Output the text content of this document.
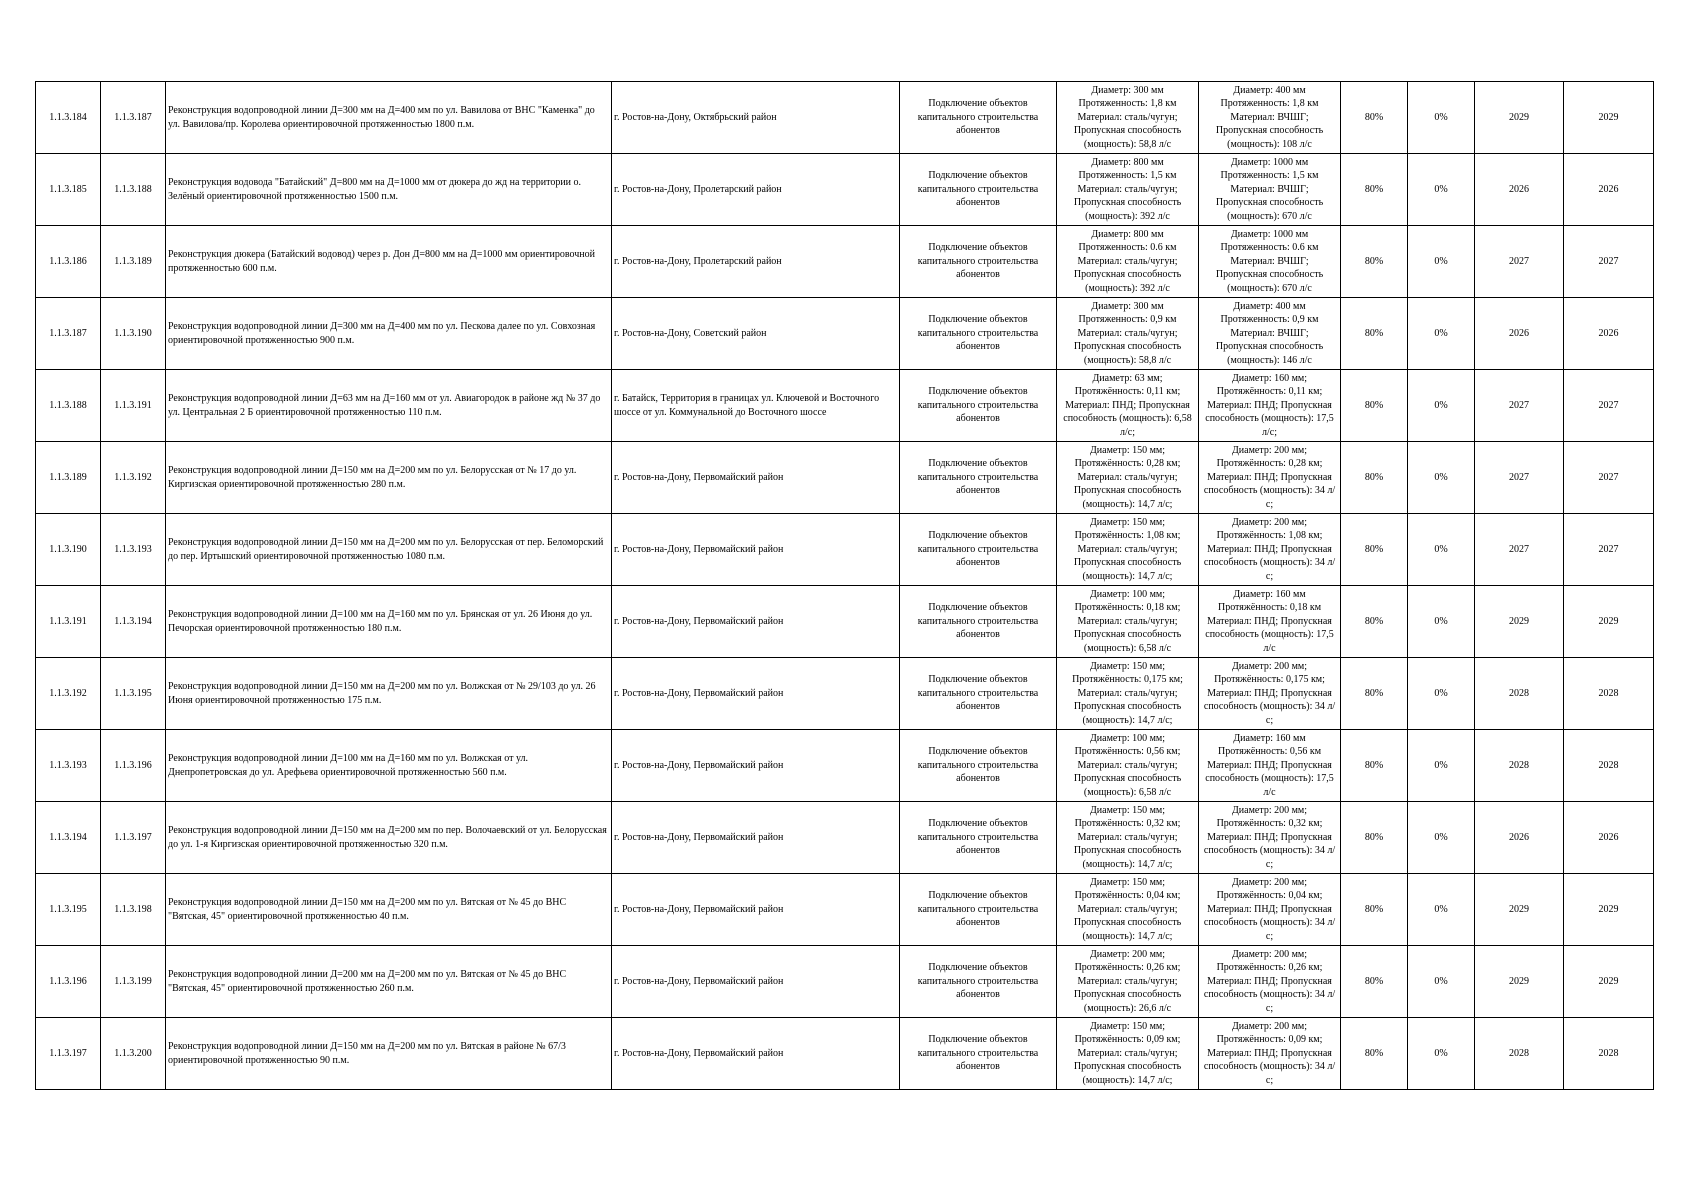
1.1.3.184	1.1.3.187	Реконструкция водопроводной линии Д=300 мм на Д=400 мм по ул. Вавилова от ВНС "Каменка" до ул. Вавилова/пр. Королева ориентировочной протяженностью 1800 п.м.	г. Ростов-на-Дону, Октябрьский район	Подключение объектов капитального строительства абонентов	Диаметр: 300 мм
Протяженность: 1,8 км
Материал: сталь/чугун;
Пропускная способность (мощность): 58,8 л/с	Диаметр: 400 мм
Протяженность: 1,8 км
Материал: ВЧШГ;
Пропускная способность (мощность): 108 л/с	80%	0%	2029	2029
1.1.3.185	1.1.3.188	Реконструкция водовода "Батайский" Д=800 мм на Д=1000 мм от дюкера до жд на территории о. Зелёный ориентировочной протяженностью 1500 п.м.	г. Ростов-на-Дону, Пролетарский район	Подключение объектов капитального строительства абонентов	Диаметр: 800 мм
Протяженность: 1,5 км
Материал: сталь/чугун;
Пропускная способность (мощность): 392 л/с	Диаметр: 1000 мм
Протяженность: 1,5 км
Материал: ВЧШГ;
Пропускная способность (мощность): 670 л/с	80%	0%	2026	2026
1.1.3.186	1.1.3.189	Реконструкция дюкера (Батайский водовод) через р. Дон Д=800 мм на Д=1000 мм ориентировочной протяженностью 600 п.м.	г. Ростов-на-Дону, Пролетарский район	Подключение объектов капитального строительства абонентов	Диаметр: 800 мм
Протяженность: 0.6 км
Материал: сталь/чугун;
Пропускная способность (мощность): 392 л/с	Диаметр: 1000 мм
Протяженность: 0.6 км
Материал: ВЧШГ;
Пропускная способность (мощность): 670 л/с	80%	0%	2027	2027
1.1.3.187	1.1.3.190	Реконструкция водопроводной линии Д=300 мм на Д=400 мм по ул. Пескова далее по ул. Совхозная ориентировочной протяженностью 900 п.м.	г. Ростов-на-Дону, Советский район	Подключение объектов капитального строительства абонентов	Диаметр: 300 мм
Протяженность: 0,9 км
Материал: сталь/чугун;
Пропускная способность (мощность): 58,8 л/с	Диаметр: 400 мм
Протяженность: 0,9 км
Материал: ВЧШГ;
Пропускная способность (мощность): 146 л/с	80%	0%	2026	2026
1.1.3.188	1.1.3.191	Реконструкция водопроводной линии Д=63 мм на Д=160 мм от ул. Авиагородок в районе жд № 37 до ул. Центральная 2 Б ориентировочной протяженностью 110 п.м.	г. Батайск, Территория в границах ул. Ключевой и Восточного шоссе от ул. Коммунальной до Восточного шоссе	Подключение объектов капитального строительства абонентов	Диаметр: 63 мм;
Протяжённость: 0,11 км;
Материал: ПНД; Пропускная способность (мощность): 6,58 л/с;	Диаметр: 160 мм;
Протяжённость: 0,11 км;
Материал: ПНД; Пропускная способность (мощность): 17,5 л/с;	80%	0%	2027	2027
1.1.3.189	1.1.3.192	Реконструкция водопроводной линии Д=150 мм на Д=200 мм по ул. Белорусская от № 17 до ул. Киргизская ориентировочной протяженностью 280 п.м.	г. Ростов-на-Дону, Первомайский район	Подключение объектов капитального строительства абонентов	Диаметр: 150 мм;
Протяжённость: 0,28 км;
Материал: сталь/чугун;
Пропускная способность (мощность): 14,7 л/с;	Диаметр: 200 мм;
Протяжённость: 0,28 км;
Материал: ПНД; Пропускная способность (мощность): 34 л/с;	80%	0%	2027	2027
1.1.3.190	1.1.3.193	Реконструкция водопроводной линии Д=150 мм на Д=200 мм по ул. Белорусская от пер. Беломорский до пер. Иртышский ориентировочной протяженностью 1080 п.м.	г. Ростов-на-Дону, Первомайский район	Подключение объектов капитального строительства абонентов	Диаметр: 150 мм;
Протяжённость: 1,08 км;
Материал: сталь/чугун;
Пропускная способность (мощность): 14,7 л/с;	Диаметр: 200 мм;
Протяжённость: 1,08 км;
Материал: ПНД; Пропускная способность (мощность): 34 л/с;	80%	0%	2027	2027
1.1.3.191	1.1.3.194	Реконструкция водопроводной линии Д=100 мм на Д=160 мм по ул. Брянская от ул. 26 Июня до ул. Печорская ориентировочной протяженностью 180 п.м.	г. Ростов-на-Дону, Первомайский район	Подключение объектов капитального строительства абонентов	Диаметр: 100 мм;
Протяжённость: 0,18 км;
Материал: сталь/чугун;
Пропускная способность (мощность): 6,58 л/с	Диаметр: 160 мм
Протяжённость: 0,18 км
Материал: ПНД; Пропускная способность (мощность): 17,5 л/с	80%	0%	2029	2029
1.1.3.192	1.1.3.195	Реконструкция водопроводной линии Д=150 мм на Д=200 мм по ул. Волжская от № 29/103 до ул. 26 Июня ориентировочной протяженностью 175 п.м.	г. Ростов-на-Дону, Первомайский район	Подключение объектов капитального строительства абонентов	Диаметр: 150 мм;
Протяжённость: 0,175 км;
Материал: сталь/чугун;
Пропускная способность (мощность): 14,7 л/с;	Диаметр: 200 мм;
Протяжённость: 0,175 км;
Материал: ПНД; Пропускная способность (мощность): 34 л/с;	80%	0%	2028	2028
1.1.3.193	1.1.3.196	Реконструкция водопроводной линии Д=100 мм на Д=160 мм по ул. Волжская от ул. Днепропетровская до ул. Арефьева ориентировочной протяженностью 560 п.м.	г. Ростов-на-Дону, Первомайский район	Подключение объектов капитального строительства абонентов	Диаметр: 100 мм;
Протяжённость: 0,56 км;
Материал: сталь/чугун;
Пропускная способность (мощность): 6,58 л/с	Диаметр: 160 мм
Протяжённость: 0,56 км
Материал: ПНД; Пропускная способность (мощность): 17,5 л/с	80%	0%	2028	2028
1.1.3.194	1.1.3.197	Реконструкция водопроводной линии Д=150 мм на Д=200 мм по пер. Волочаевский от ул. Белорусская до ул. 1-я Киргизская ориентировочной протяженностью 320 п.м.	г. Ростов-на-Дону, Первомайский район	Подключение объектов капитального строительства абонентов	Диаметр: 150 мм;
Протяжённость: 0,32 км;
Материал: сталь/чугун;
Пропускная способность (мощность): 14,7 л/с;	Диаметр: 200 мм;
Протяжённость: 0,32 км;
Материал: ПНД; Пропускная способность (мощность): 34 л/с;	80%	0%	2026	2026
1.1.3.195	1.1.3.198	Реконструкция водопроводной линии Д=150 мм на Д=200 мм по ул. Вятская от № 45 до ВНС "Вятская, 45" ориентировочной протяженностью 40 п.м.	г. Ростов-на-Дону, Первомайский район	Подключение объектов капитального строительства абонентов	Диаметр: 150 мм;
Протяжённость: 0,04 км;
Материал: сталь/чугун;
Пропускная способность (мощность): 14,7 л/с;	Диаметр: 200 мм;
Протяжённость: 0,04 км;
Материал: ПНД; Пропускная способность (мощность): 34 л/с;	80%	0%	2029	2029
1.1.3.196	1.1.3.199	Реконструкция водопроводной линии Д=200 мм на Д=200 мм по ул. Вятская от № 45 до ВНС "Вятская, 45" ориентировочной протяженностью 260 п.м.	г. Ростов-на-Дону, Первомайский район	Подключение объектов капитального строительства абонентов	Диаметр: 200 мм;
Протяжённость: 0,26 км;
Материал: сталь/чугун;
Пропускная способность (мощность): 26,6 л/с	Диаметр: 200 мм;
Протяжённость: 0,26 км;
Материал: ПНД; Пропускная способность (мощность): 34 л/с;	80%	0%	2029	2029
1.1.3.197	1.1.3.200	Реконструкция водопроводной линии Д=150 мм на Д=200 мм по ул. Вятская в районе № 67/3 ориентировочной протяженностью 90 п.м.	г. Ростов-на-Дону, Первомайский район	Подключение объектов капитального строительства абонентов	Диаметр: 150 мм;
Протяжённость: 0,09 км;
Материал: сталь/чугун;
Пропускная способность (мощность): 14,7 л/с;	Диаметр: 200 мм;
Протяжённость: 0,09 км;
Материал: ПНД; Пропускная способность (мощность): 34 л/с;	80%	0%	2028	2028
